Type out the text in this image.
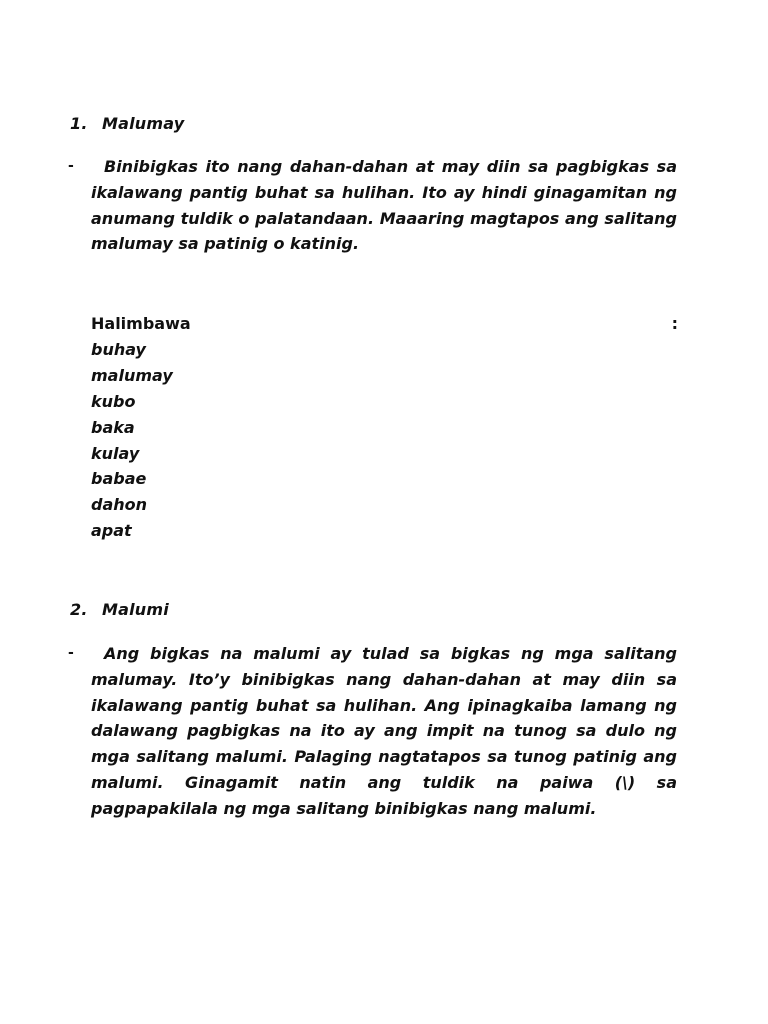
1. Malumay
-	Binibigkas ito nang dahan-dahan at may diin sa pagbigkas sa ikalawang pantig buhat sa hulihan. Ito ay hindi ginagamitan ng anumang tuldik o palatandaan. Maaaring magtapos ang salitang malumay sa patinig o katinig.

Halimbawa	:
buhay
malumay
kubo
baka
kulay
babae
dahon
apat
2. Malumi
-	Ang bigkas na malumi ay tulad sa bigkas ng mga salitang malumay. Ito’y binibigkas nang dahan-dahan at may diin sa ikalawang pantig buhat sa hulihan. Ang ipinagkaiba lamang ng dalawang pagbigkas na ito ay ang impit na tunog sa dulo ng mga salitang malumi. Palaging nagtatapos sa tunog patinig ang malumi. Ginagamit natin ang tuldik na paiwa (\) sa pagpapakilala ng mga salitang binibigkas nang malumi.
